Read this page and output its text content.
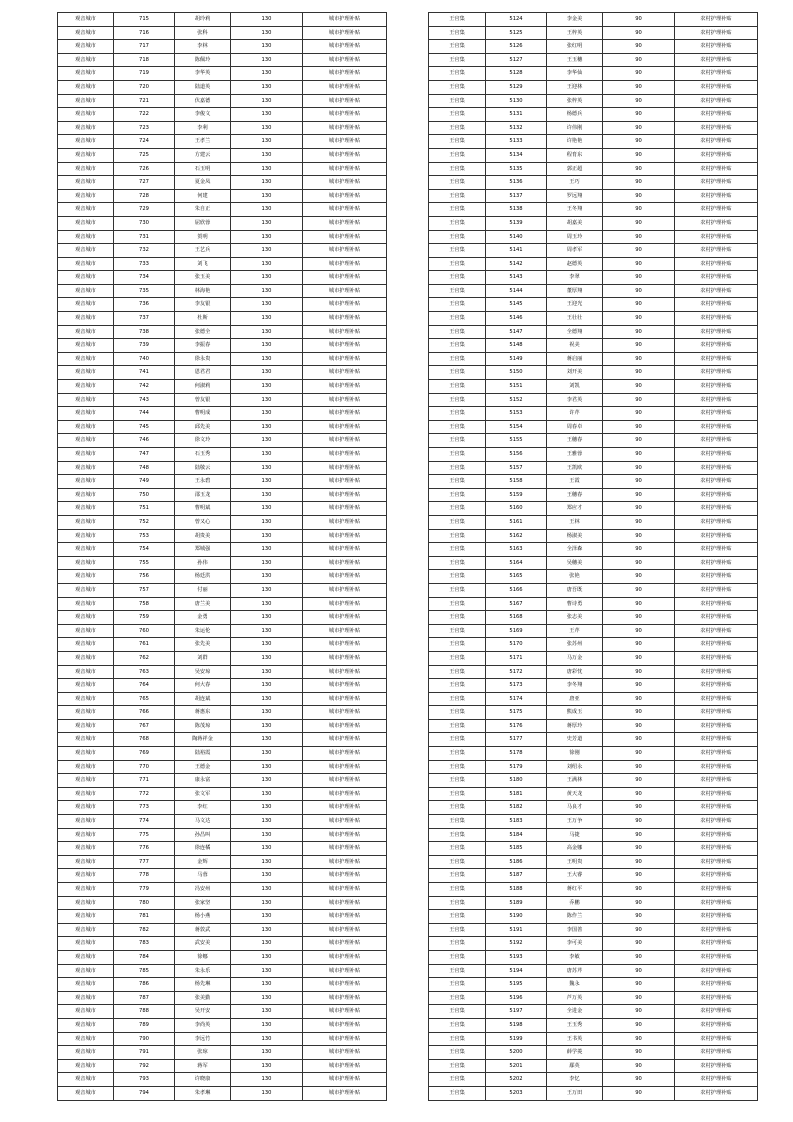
观音城市	715	胡玲莉	130	城市护理补贴
观音城市	716	张科	130	城市护理补贴
观音城市	717	李林	130	城市护理补贴
观音城市	718	陈佩玲	130	城市护理补贴
观音城市	719	李华英	130	城市护理补贴
观音城市	720	陆道英	130	城市护理补贴
观音城市	721	伏嘉德	130	城市护理补贴
观音城市	722	李俊文	130	城市护理补贴
观音城市	723	李利	130	城市护理补贴
观音城市	724	王孝兰	130	城市护理补贴
观音城市	725	方建云	130	城市护理补贴
观音城市	726	石玉明	130	城市护理补贴
观音城市	727	夏金凤	130	城市护理补贴
观音城市	728	何建	130	城市护理补贴
观音城市	729	朱自正	130	城市护理补贴
观音城市	730	屈欣蓉	130	城市护理补贴
观音城市	731	贺明	130	城市护理补贴
观音城市	732	王艺兵	130	城市护理补贴
观音城市	733	刘飞	130	城市护理补贴
观音城市	734	张玉美	130	城市护理补贴
观音城市	735	林海艳	130	城市护理补贴
观音城市	736	李友银	130	城市护理补贴
观音城市	737	杜斯	130	城市护理补贴
观音城市	738	张德全	130	城市护理补贴
观音城市	739	李振春	130	城市护理补贴
观音城市	740	徐永贵	130	城市护理补贴
观音城市	741	恩君君	130	城市护理补贴
观音城市	742	何淑莉	130	城市护理补贴
观音城市	743	曾友银	130	城市护理补贴
观音城市	744	曹明成	130	城市护理补贴
观音城市	745	邱先美	130	城市护理补贴
观音城市	746	徐文玲	130	城市护理补贴
观音城市	747	石玉秀	130	城市护理补贴
观音城市	748	陆敬云	130	城市护理补贴
观音城市	749	王永碧	130	城市护理补贴
观音城市	750	邵玉龙	130	城市护理补贴
观音城市	751	曹明斌	130	城市护理补贴
观音城市	752	曾又心	130	城市护理补贴
观音城市	753	胡贵美	130	城市护理补贴
观音城市	754	郑城强	130	城市护理补贴
观音城市	755	孙伟	130	城市护理补贴
观音城市	756	杨廷洪	130	城市护理补贴
观音城市	757	付丽	130	城市护理补贴
观音城市	758	唐兰美	130	城市护理补贴
观音城市	759	金勇	130	城市护理补贴
观音城市	760	朱运伦	130	城市护理补贴
观音城市	761	张先美	130	城市护理补贴
观音城市	762	刘群	130	城市护理补贴
观音城市	763	吴安琼	130	城市护理补贴
观音城市	764	何大春	130	城市护理补贴
观音城市	765	胡连斌	130	城市护理补贴
观音城市	766	蒋惠东	130	城市护理补贴
观音城市	767	陈茂琼	130	城市护理补贴
观音城市	768	陶蒋祥金	130	城市护理补贴
观音城市	769	陆裕霞	130	城市护理补贴
观音城市	770	王德金	130	城市护理补贴
观音城市	771	康永富	130	城市护理补贴
观音城市	772	张文军	130	城市护理补贴
观音城市	773	李红	130	城市护理补贴
观音城市	774	马文达	130	城市护理补贴
观音城市	775	孙昌叫	130	城市护理补贴
观音城市	776	徐连橘	130	城市护理补贴
观音城市	777	金辉	130	城市护理补贴
观音城市	778	马蓉	130	城市护理补贴
观音城市	779	冯安州	130	城市护理补贴
观音城市	780	张家坚	130	城市护理补贴
观音城市	781	杨小燕	130	城市护理补贴
观音城市	782	蒋敦武	130	城市护理补贴
观音城市	783	武安美	130	城市护理补贴
观音城市	784	徐娜	130	城市护理补贴
观音城市	785	朱永乐	130	城市护理补贴
观音城市	786	杨先琳	130	城市护理补贴
观音城市	787	张美勤	130	城市护理补贴
观音城市	788	吴开安	130	城市护理补贴
观音城市	789	李尚英	130	城市护理补贴
观音城市	790	李远竹	130	城市护理补贴
观音城市	791	张琼	130	城市护理补贴
观音城市	792	蒋军	130	城市护理补贴
观音城市	793	许晓康	130	城市护理补贴
观音城市	794	朱孝琳	130	城市护理补贴
王官集	5124	李金美	90	农村护理补贴
王官集	5125	王梓英	90	农村护理补贴
王官集	5126	张红明	90	农村护理补贴
王官集	5127	王玉穗	90	农村护理补贴
王官集	5128	李华仙	90	农村护理补贴
王官集	5129	王迎林	90	农村护理补贴
王官集	5130	张梓英	90	农村护理补贴
王官集	5131	杨德兵	90	农村护理补贴
王官集	5132	许伟刚	90	农村护理补贴
王官集	5133	许艳艳	90	农村护理补贴
王官集	5134	程育东	90	农村护理补贴
王官集	5135	郭正超	90	农村护理补贴
王官集	5136	王巧	90	农村护理补贴
王官集	5137	罗远翔	90	农村护理补贴
王官集	5138	王冬翔	90	农村护理补贴
王官集	5139	胡嘉美	90	农村护理补贴
王官集	5140	周玉玲	90	农村护理补贴
王官集	5141	周孝军	90	农村护理补贴
王官集	5142	赵德英	90	农村护理补贴
王官集	5143	李翠	90	农村护理补贴
王官集	5144	董厚翔	90	农村护理补贴
王官集	5145	王迎光	90	农村护理补贴
王官集	5146	王壮壮	90	农村护理补贴
王官集	5147	全德翔	90	农村护理补贴
王官集	5148	祝美	90	农村护理补贴
王官集	5149	蒋启丽	90	农村护理补贴
王官集	5150	刘开美	90	农村护理补贴
王官集	5151	刘凯	90	农村护理补贴
王官集	5152	李君英	90	农村护理补贴
王官集	5153	许芹	90	农村护理补贴
王官集	5154	周春卓	90	农村护理补贴
王官集	5155	王穗春	90	农村护理补贴
王官集	5156	王雅蓉	90	农村护理补贴
王官集	5157	王凯欧	90	农村护理补贴
王官集	5158	王霞	90	农村护理补贴
王官集	5159	王穗春	90	农村护理补贴
王官集	5160	郑应才	90	农村护理补贴
王官集	5161	王林	90	农村护理补贴
王官集	5162	杨淑美	90	农村护理补贴
王官集	5163	全泽森	90	农村护理补贴
王官集	5164	吴穗美	90	农村护理补贴
王官集	5165	张艳	90	农村护理补贴
王官集	5166	唐吾既	90	农村护理补贴
王官集	5167	曹诗勇	90	农村护理补贴
王官集	5168	张志美	90	农村护理补贴
王官集	5169	王芹	90	农村护理补贴
王官集	5170	张苏州	90	农村护理补贴
王官集	5171	马万金	90	农村护理补贴
王官集	5172	唐彩忱	90	农村护理补贴
王官集	5173	李冬翔	90	农村护理补贴
王官集	5174	唐亚	90	农村护理补贴
王官集	5175	熊成玉	90	农村护理补贴
王官集	5176	蒋厚玲	90	农村护理补贴
王官集	5177	史芳道	90	农村护理补贴
王官集	5178	徐刚	90	农村护理补贴
王官集	5179	刘绍永	90	农村护理补贴
王官集	5180	王满林	90	农村护理补贴
王官集	5181	黄天龙	90	农村护理补贴
王官集	5182	马良才	90	农村护理补贴
王官集	5183	王万争	90	农村护理补贴
王官集	5184	马捷	90	农村护理补贴
王官集	5185	高金娜	90	农村护理补贴
王官集	5186	王明贵	90	农村护理补贴
王官集	5187	王大睿	90	农村护理补贴
王官集	5188	蒋红平	90	农村护理补贴
王官集	5189	乔鹏	90	农村护理补贴
王官集	5190	陈作兰	90	农村护理补贴
王官集	5191	李国善	90	农村护理补贴
王官集	5192	李可美	90	农村护理补贴
王官集	5193	李敏	90	农村护理补贴
王官集	5194	唐苏芹	90	农村护理补贴
王官集	5195	魏永	90	农村护理补贴
王官集	5196	芦万英	90	农村护理补贴
王官集	5197	全进金	90	农村护理补贴
王官集	5198	王玉秀	90	农村护理补贴
王官集	5199	王书英	90	农村护理补贴
王官集	5200	薛学菱	90	农村护理补贴
王官集	5201	鄢英	90	农村护理补贴
王官集	5202	李忆	90	农村护理补贴
王官集	5203	王万田	90	农村护理补贴
